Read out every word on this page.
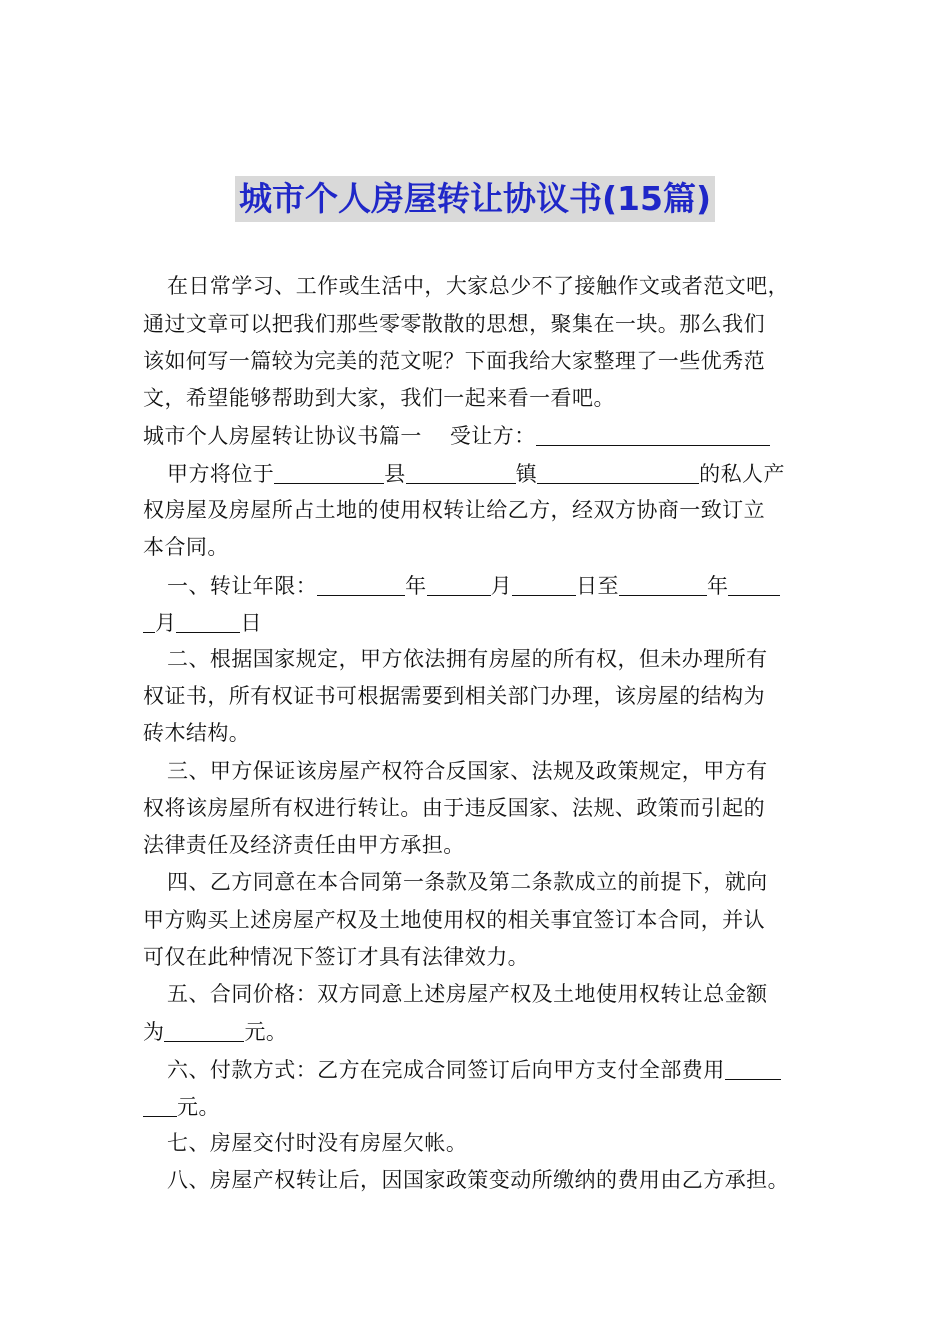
城市个人房屋转让协议书(15篇)
在日常学习、工作或生活中，大家总少不了接触作文或者范文吧，
通过文章可以把我们那些零零散散的思想，聚集在一块。那么我们
该如何写一篇较为完美的范文呢？下面我给大家整理了一些优秀范
文，希望能够帮助到大家，我们一起来看一看吧。
城市个人房屋转让协议书篇一 受让方：
甲方将位于	县	镇	的私人产
权房屋及房屋所占土地的使用权转让给乙方，经双方协商一致订立
本合同。
一、转让年限：	年	月	日至	年
月	日
二、根据国家规定，甲方依法拥有房屋的所有权，但未办理所有
权证书，所有权证书可根据需要到相关部门办理，该房屋的结构为
砖木结构。
三、甲方保证该房屋产权符合反国家、法规及政策规定，甲方有
权将该房屋所有权进行转让。由于违反国家、法规、政策而引起的
法律责任及经济责任由甲方承担。
四、乙方同意在本合同第一条款及第二条款成立的前提下，就向
甲方购买上述房屋产权及土地使用权的相关事宜签订本合同，并认
可仅在此种情况下签订才具有法律效力。
五、合同价格：双方同意上述房屋产权及土地使用权转让总金额
为	元。
六、付款方式：乙方在完成合同签订后向甲方支付全部费用
元。
七、房屋交付时没有房屋欠帐。
八、房屋产权转让后，因国家政策变动所缴纳的费用由乙方承担。
